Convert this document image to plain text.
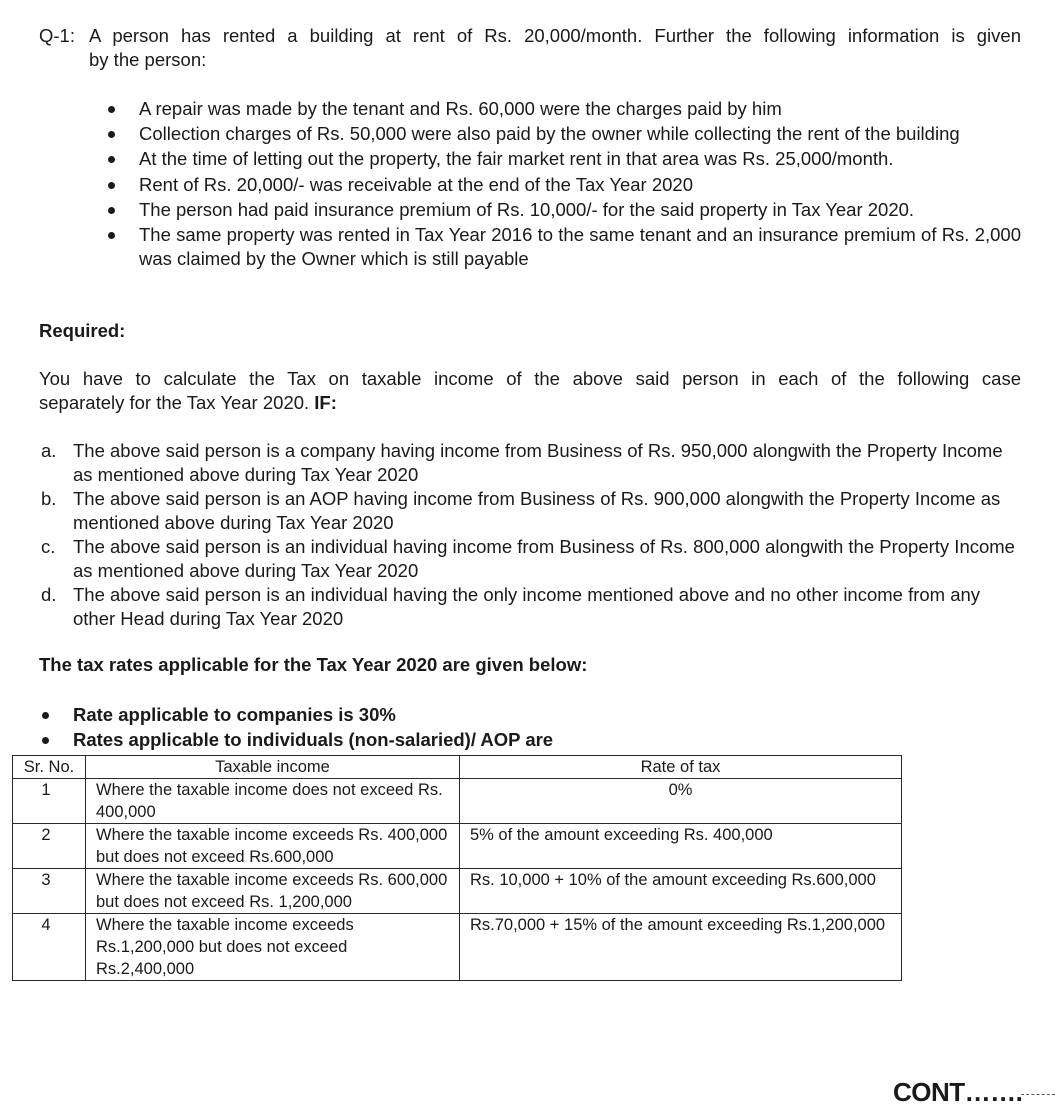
Q-1: A person has rented a building at rent of Rs. 20,000/month. Further the following information is given
by the person:
A repair was made by the tenant and Rs. 60,000 were the charges paid by him
Collection charges of Rs. 50,000 were also paid by the owner while collecting the rent of the building
At the time of letting out the property, the fair market rent in that area was Rs. 25,000/month.
Rent of Rs. 20,000/- was receivable at the end of the Tax Year 2020
The person had paid insurance premium of Rs. 10,000/- for the said property in Tax Year 2020.
The same property was rented in Tax Year 2016 to the same tenant and an insurance premium of Rs. 2,000 was claimed by the Owner which is still payable
Required:
You have to calculate the Tax on taxable income of the above said person in each of the following case
separately for the Tax Year 2020. IF:
a. The above said person is a company having income from Business of Rs. 950,000 alongwith the Property Income as mentioned above during Tax Year 2020
b. The above said person is an AOP having income from Business of Rs. 900,000 alongwith the Property Income as mentioned above during Tax Year 2020
c. The above said person is an individual having income from Business of Rs. 800,000 alongwith the Property Income as mentioned above during Tax Year 2020
d. The above said person is an individual having the only income mentioned above and no other income from any other Head during Tax Year 2020
The tax rates applicable for the Tax Year 2020 are given below:
Rate applicable to companies is 30%
Rates applicable to individuals (non-salaried)/ AOP are
Sr. No.	Taxable income	Rate of tax
1	Where the taxable income does not exceed Rs. 400,000	0%
2	Where the taxable income exceeds Rs. 400,000 but does not exceed Rs.600,000	5% of the amount exceeding Rs. 400,000
3	Where the taxable income exceeds Rs. 600,000 but does not exceed Rs. 1,200,000	Rs. 10,000 + 10% of the amount exceeding Rs.600,000
4	Where the taxable income exceeds Rs.1,200,000 but does not exceed Rs.2,400,000	Rs.70,000 + 15% of the amount exceeding Rs.1,200,000
CONT…….
